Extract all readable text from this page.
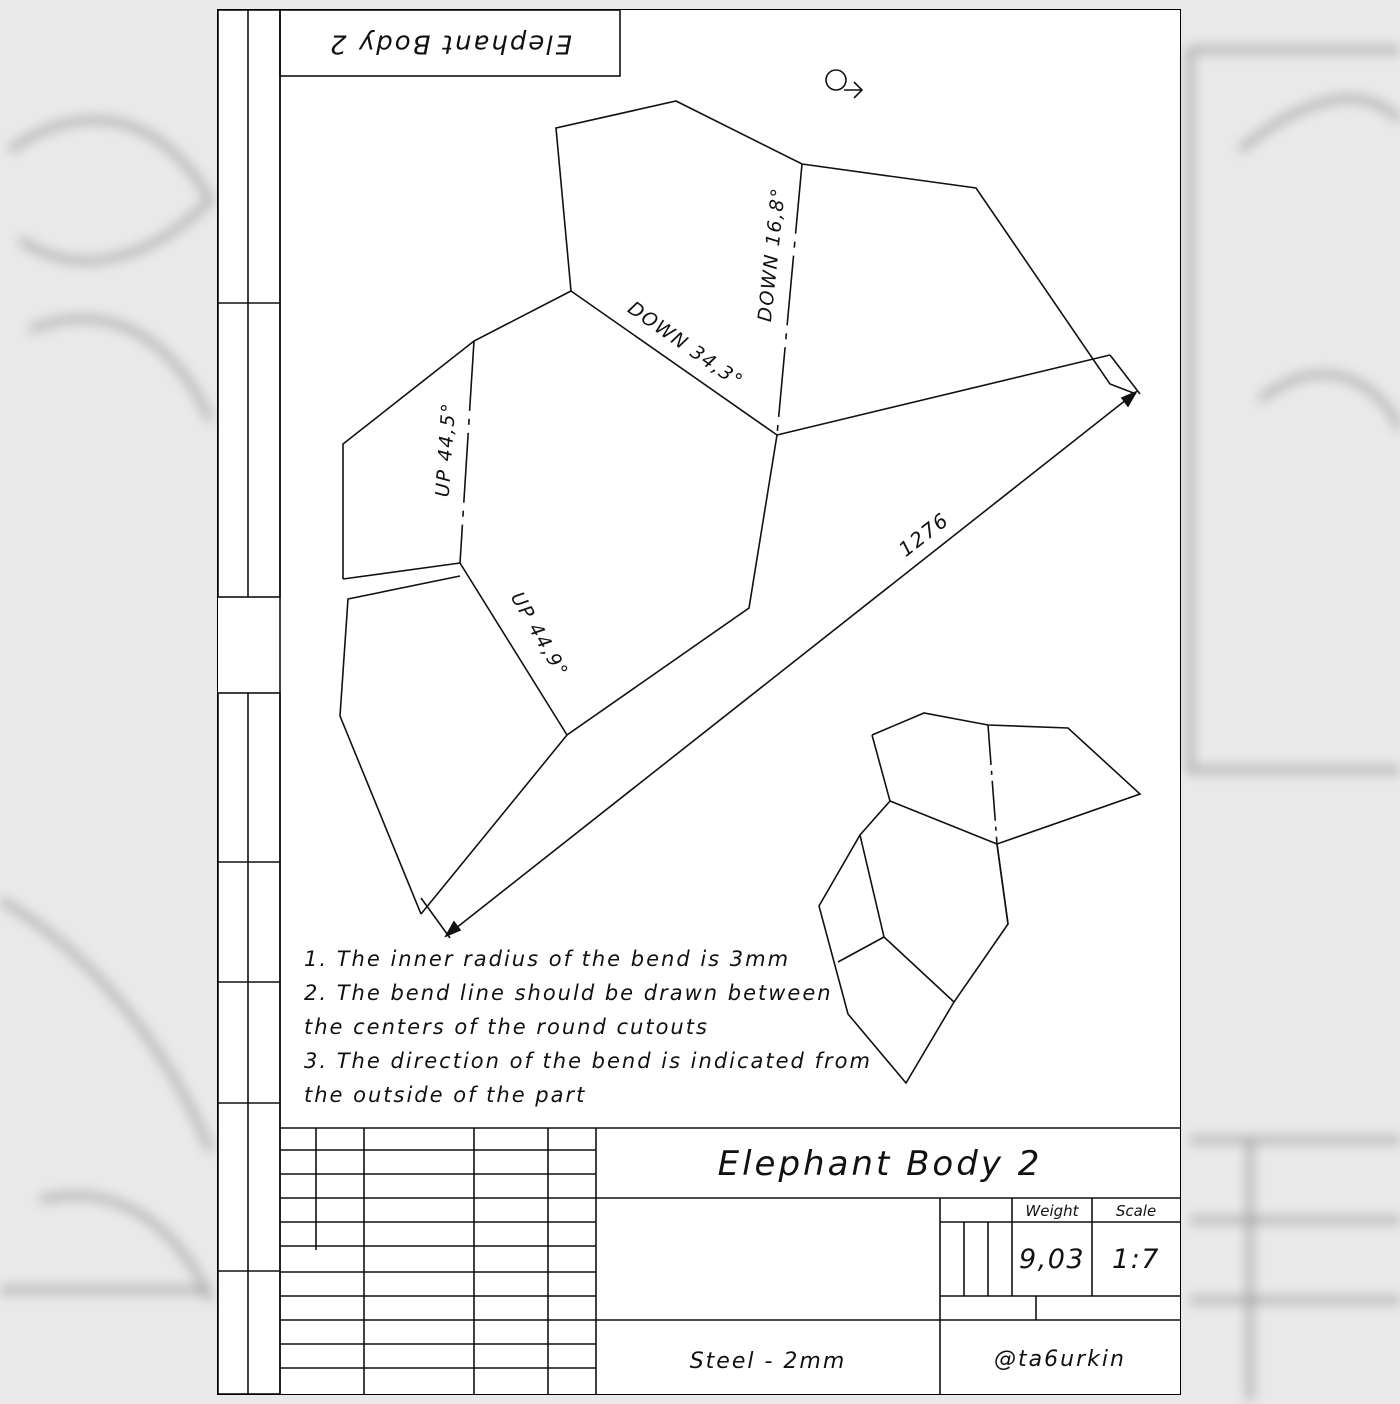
Elephant Body 2
DOWN 16,8°
DOWN 34,3°
UP 44,5°
UP 44,9°
1276
Elephant Body 2
Weight Scale
9,03 1:7
Steel - 2mm	@ta6urkin
1. The inner radius of the bend is 3mm
2. The bend line should be drawn between
the centers of the round cutouts
3. The direction of the bend is indicated from
the outside of the part
